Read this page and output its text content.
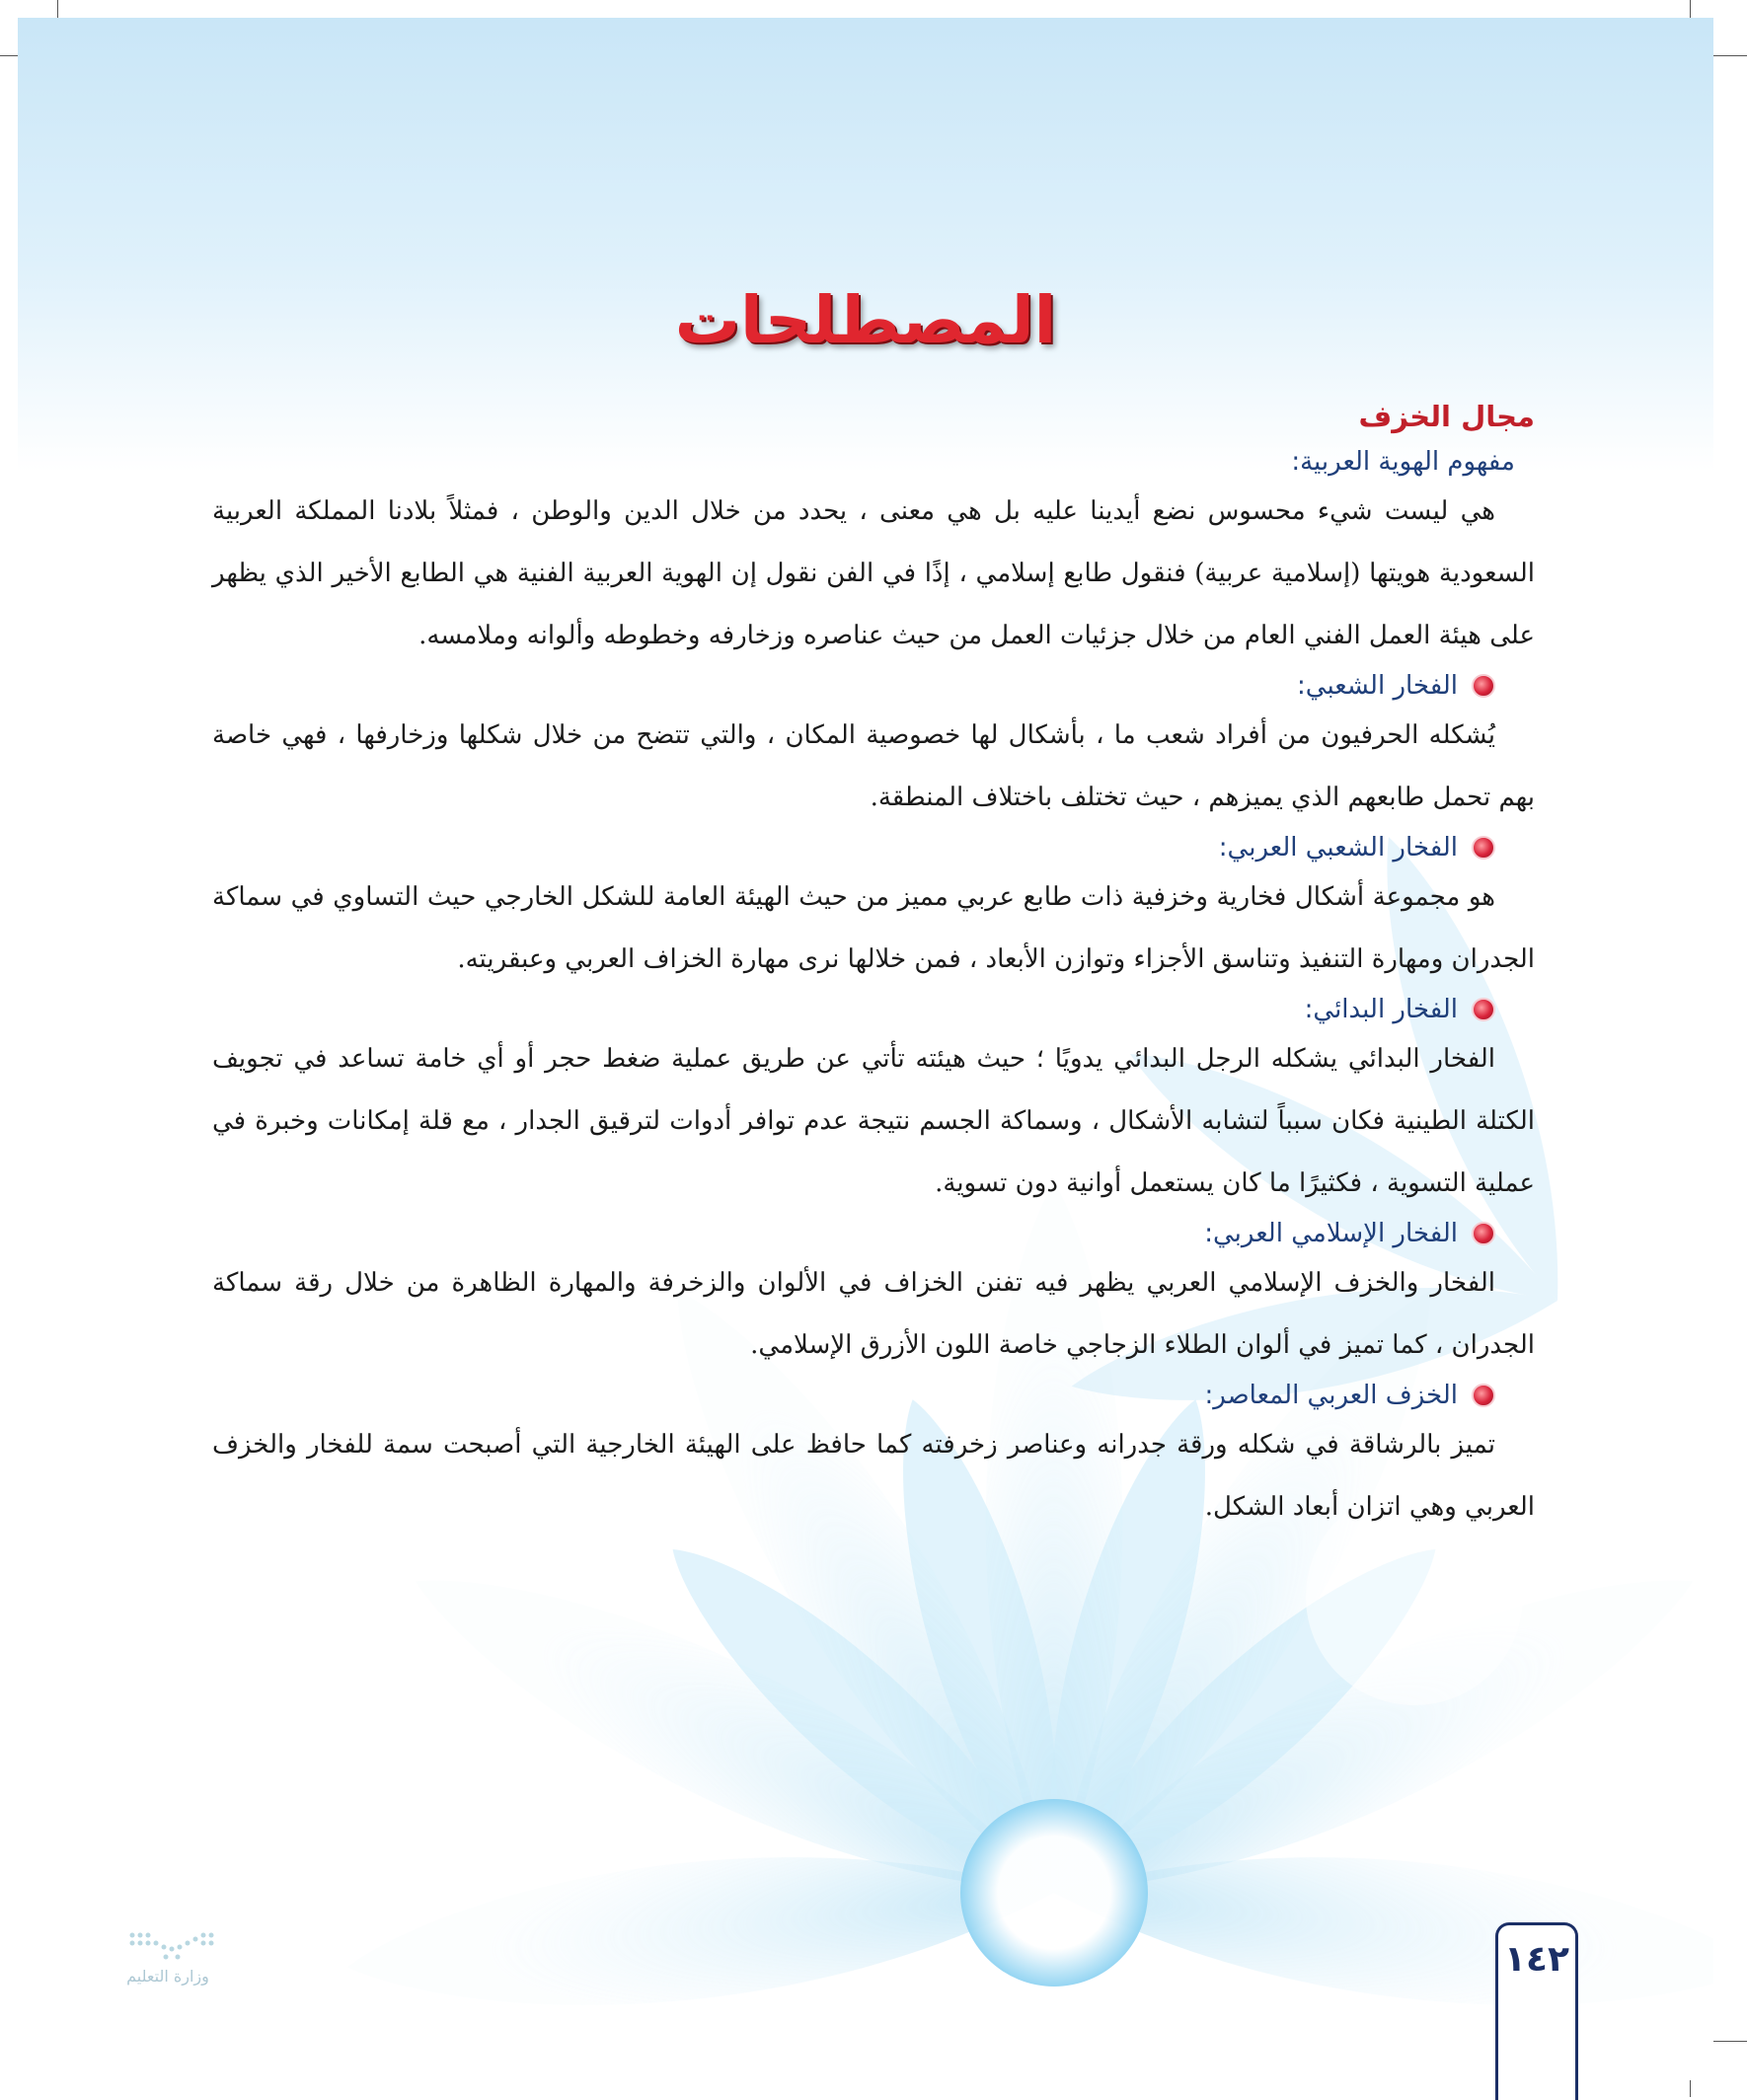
المصطلحات
مجال الخزف
مفهوم الهوية العربية:

هي ليست شيء محسوس نضع أيدينا عليه بل هي معنى ، يحدد من خلال الدين والوطن ، فمثلاً بلادنا المملكة العربية السعودية هويتها (إسلامية عربية) فنقول طابع إسلامي ، إذًا في الفن نقول إن الهوية العربية الفنية هي الطابع الأخير الذي يظهر على هيئة العمل الفني العام من خلال جزئيات العمل من حيث عناصره وزخارفه وخطوطه وألوانه وملامسه.

الفخار الشعبي:

يُشكله الحرفيون من أفراد شعب ما ، بأشكال لها خصوصية المكان ، والتي تتضح من خلال شكلها وزخارفها ، فهي خاصة بهم تحمل طابعهم الذي يميزهم ، حيث تختلف باختلاف المنطقة.

الفخار الشعبي العربي:

هو مجموعة أشكال فخارية وخزفية ذات طابع عربي مميز من حيث الهيئة العامة للشكل الخارجي حيث التساوي في سماكة الجدران ومهارة التنفيذ وتناسق الأجزاء وتوازن الأبعاد ، فمن خلالها نرى مهارة الخزاف العربي وعبقريته.

الفخار البدائي:

الفخار البدائي يشكله الرجل البدائي يدويًا ؛ حيث هيئته تأتي عن طريق عملية ضغط حجر أو أي خامة تساعد في تجويف الكتلة الطينية فكان سبباً لتشابه الأشكال ، وسماكة الجسم نتيجة عدم توافر أدوات لترقيق الجدار ، مع قلة إمكانات وخبرة في عملية التسوية ، فكثيرًا ما كان يستعمل أوانية دون تسوية.

الفخار الإسلامي العربي:

الفخار والخزف الإسلامي العربي يظهر فيه تفنن الخزاف في الألوان والزخرفة والمهارة الظاهرة من خلال رقة سماكة الجدران ، كما تميز في ألوان الطلاء الزجاجي خاصة اللون الأزرق الإسلامي.

الخزف العربي المعاصر:

تميز بالرشاقة في شكله ورقة جدرانه وعناصر زخرفته كما حافظ على الهيئة الخارجية التي أصبحت سمة للفخار والخزف العربي وهي اتزان أبعاد الشكل.

وزارة التعليم	١٤٢
